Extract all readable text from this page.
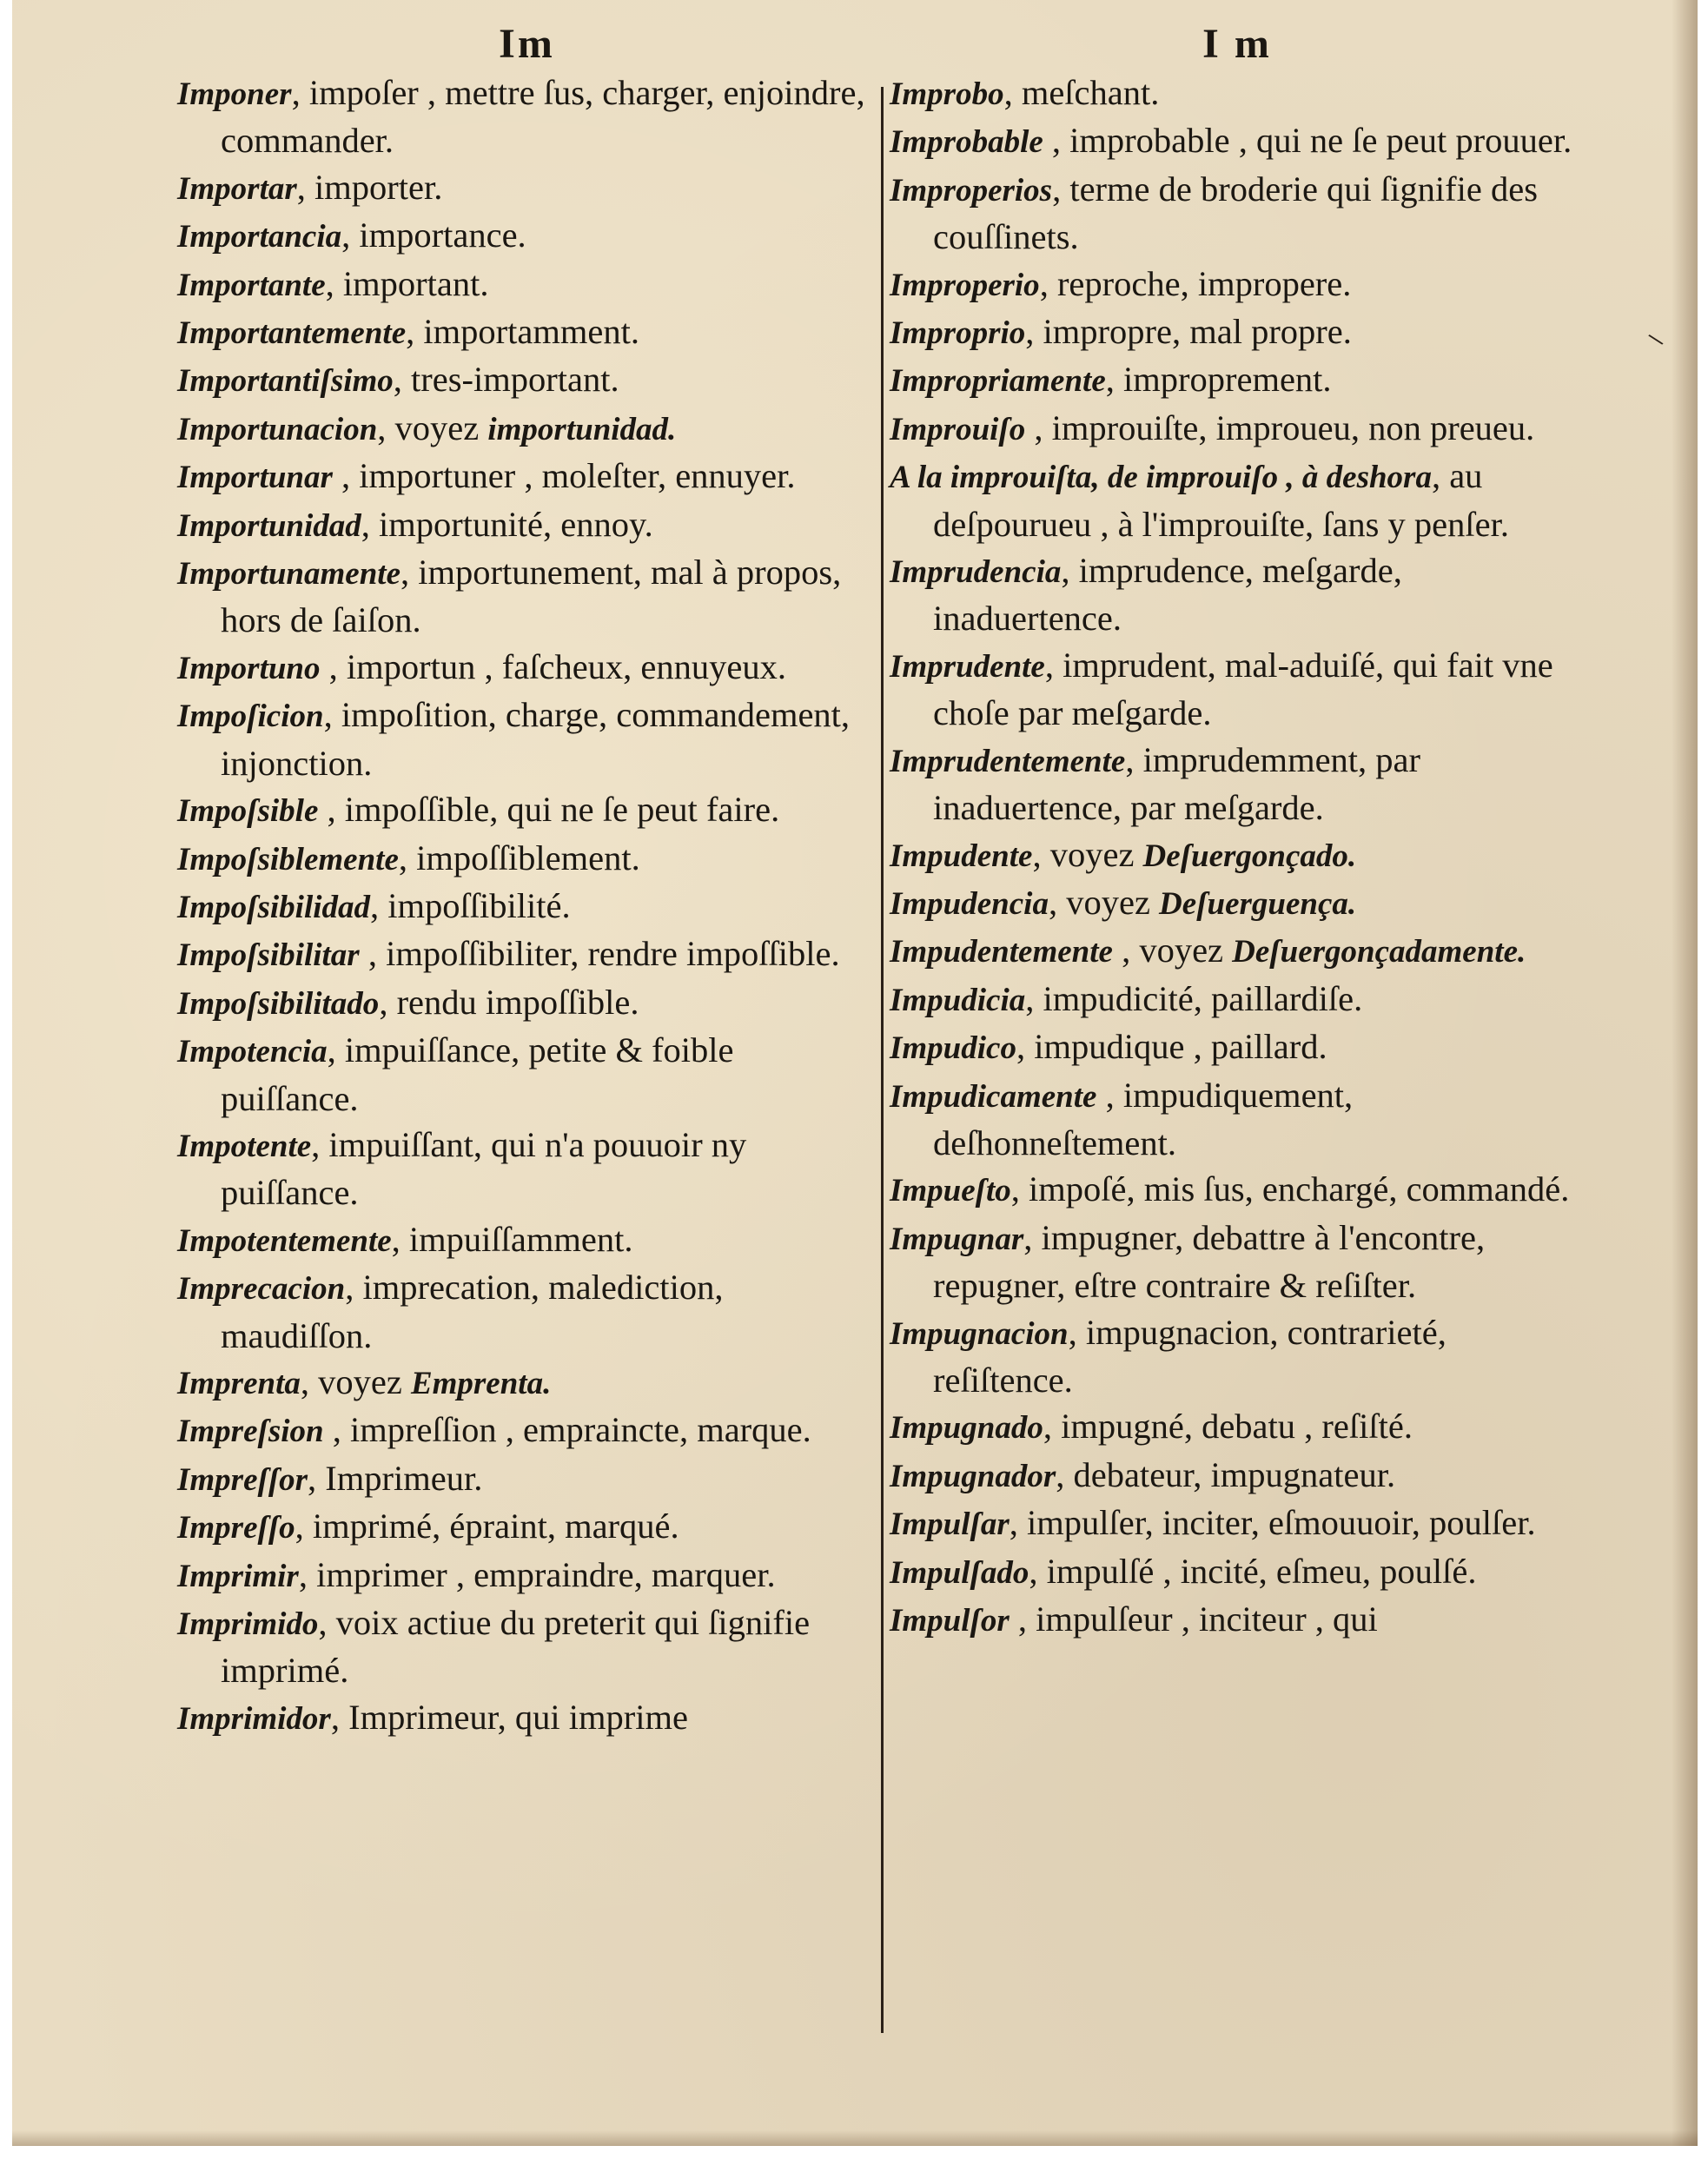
∖
Im

Imponer, impoſer , mettre ſus, charger, enjoindre, commander.

Importar, importer.

Importancia, importance.

Importante, important.

Importantemente, importamment.

Importantiſsimo, tres-important.

Importunacion, voyez importunidad.

Importunar , importuner , moleſter, ennuyer.

Importunidad, importunité, ennoy.

Importunamente, importunement, mal à propos, hors de ſaiſon.

Importuno , importun , faſcheux, ennuyeux.

Impoſicion, impoſition, charge, commandement, injonction.

Impoſsible , impoſſible, qui ne ſe peut faire.

Impoſsiblemente, impoſſiblement.

Impoſsibilidad, impoſſibilité.

Impoſsibilitar , impoſſibiliter, rendre impoſſible.

Impoſsibilitado, rendu impoſſible.

Impotencia, impuiſſance, petite & foible puiſſance.

Impotente, impuiſſant, qui n'a pouuoir ny puiſſance.

Impotentemente, impuiſſamment.

Imprecacion, imprecation, malediction, maudiſſon.

Imprenta, voyez Emprenta.

Impreſsion , impreſſion , empraincte, marque.

Impreſſor, Imprimeur.

Impreſſo, imprimé, épraint, marqué.

Imprimir, imprimer , empraindre, marquer.

Imprimido, voix actiue du preterit qui ſignifie imprimé.

Imprimidor, Imprimeur, qui imprime

I m

Improbo, meſchant.

Improbable , improbable , qui ne ſe peut prouuer.

Improperios, terme de broderie qui ſignifie des couſſinets.

Improperio, reproche, impropere.

Improprio, impropre, mal propre.

Impropriamente, improprement.

Improuiſo , improuiſte, improueu, non preueu.

A la improuiſta, de improuiſo , à deshora, au deſpourueu , à l'improuiſte, ſans y penſer.

Imprudencia, imprudence, meſgarde, inaduertence.

Imprudente, imprudent, mal-aduiſé, qui fait vne choſe par meſgarde.

Imprudentemente, imprudemment, par inaduertence, par meſgarde.

Impudente, voyez Deſuergonçado.

Impudencia, voyez Deſuerguença.

Impudentemente , voyez Deſuergonçadamente.

Impudicia, impudicité, paillardiſe.

Impudico, impudique , paillard.

Impudicamente , impudiquement, deſhonneſtement.

Impueſto, impoſé, mis ſus, enchargé, commandé.

Impugnar, impugner, debattre à l'encontre, repugner, eſtre contraire & reſiſter.

Impugnacion, impugnacion, contrarieté, reſiſtence.

Impugnado, impugné, debatu , reſiſté.

Impugnador, debateur, impugnateur.

Impulſar, impulſer, inciter, eſmouuoir, poulſer.

Impulſado, impulſé , incité, eſmeu, poulſé.

Impulſor , impulſeur , inciteur , qui
